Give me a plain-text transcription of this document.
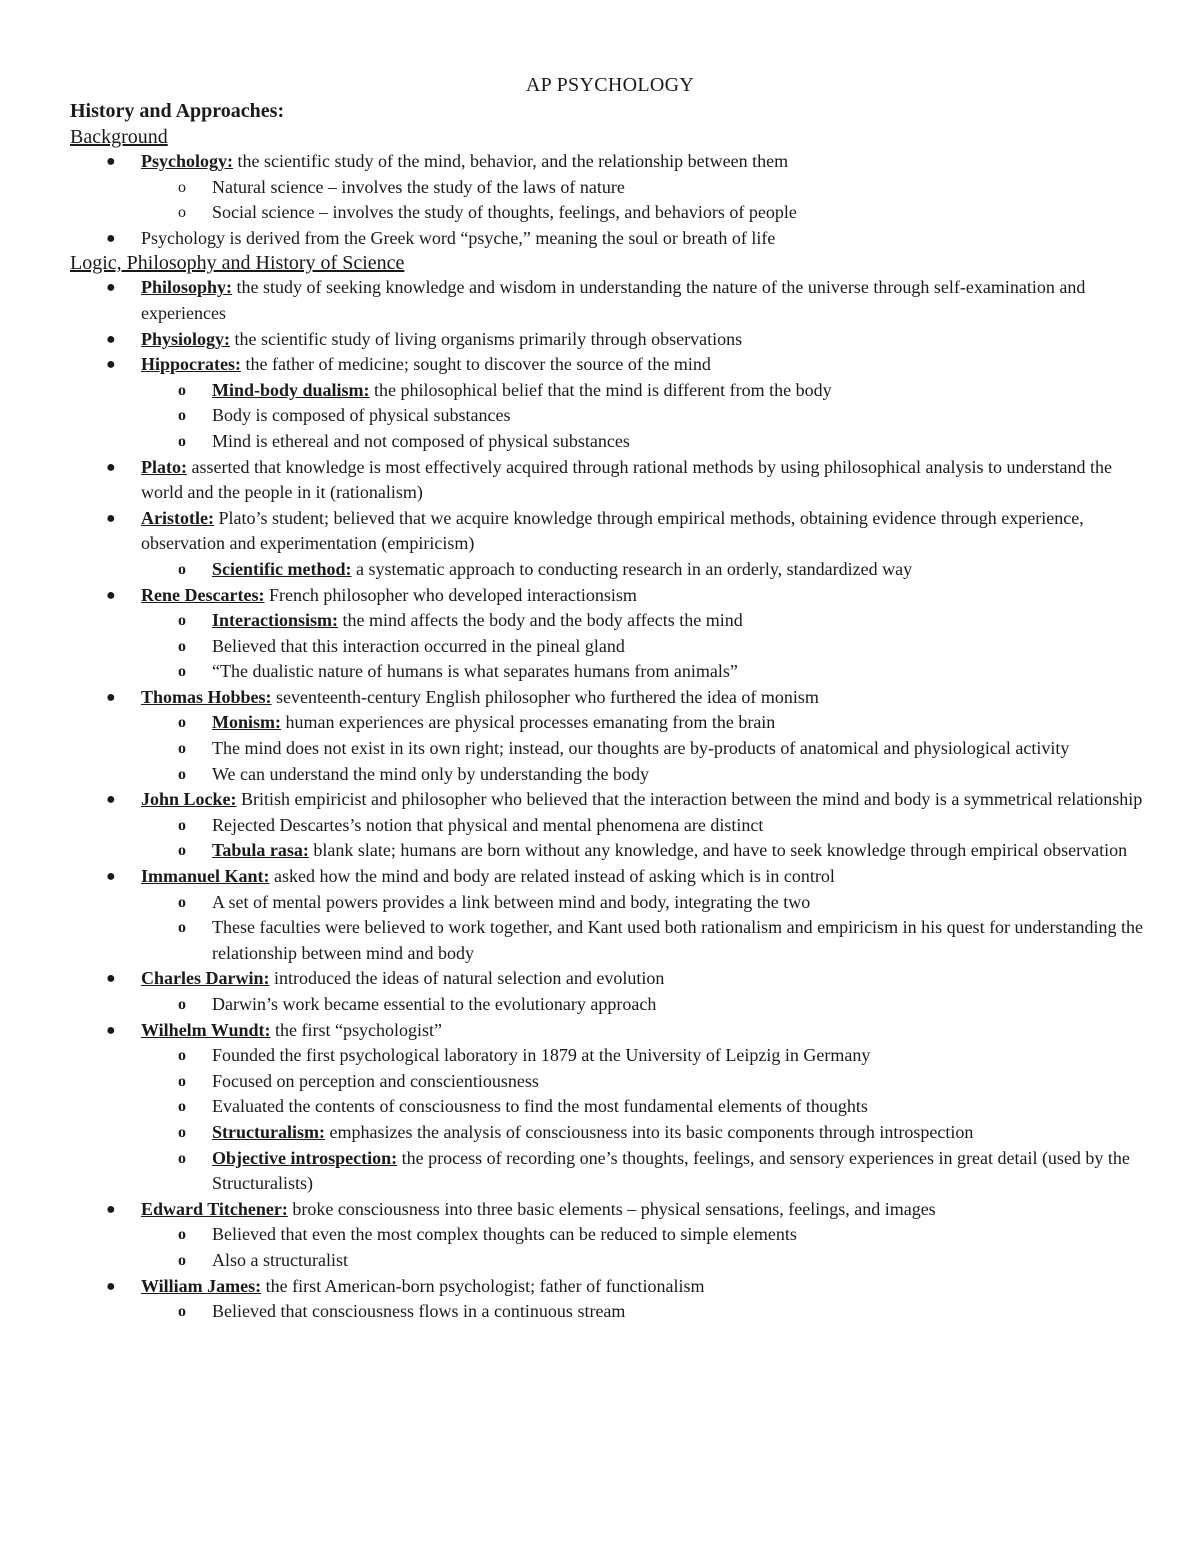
AP PSYCHOLOGY

History and Approaches:

Background

●	Psychology: the scientific study of the mind, behavior, and the relationship between them
o	Natural science – involves the study of the laws of nature
o	Social science – involves the study of thoughts, feelings, and behaviors of people
●	Psychology is derived from the Greek word “psyche,” meaning the soul or breath of life

Logic, Philosophy and History of Science

●	Philosophy: the study of seeking knowledge and wisdom in understanding the nature of the universe through self-examination and experiences
●	Physiology: the scientific study of living organisms primarily through observations
●	Hippocrates: the father of medicine; sought to discover the source of the mind
o	Mind-body dualism: the philosophical belief that the mind is different from the body
o	Body is composed of physical substances
o	Mind is ethereal and not composed of physical substances
●	Plato: asserted that knowledge is most effectively acquired through rational methods by using philosophical analysis to understand the world and the people in it (rationalism)
●	Aristotle: Plato’s student; believed that we acquire knowledge through empirical methods, obtaining evidence through experience, observation and experimentation (empiricism)
o	Scientific method: a systematic approach to conducting research in an orderly, standardized way
●	Rene Descartes: French philosopher who developed interactionsism
o	Interactionsism: the mind affects the body and the body affects the mind
o	Believed that this interaction occurred in the pineal gland
o	“The dualistic nature of humans is what separates humans from animals”
●	Thomas Hobbes: seventeenth-century English philosopher who furthered the idea of monism
o	Monism: human experiences are physical processes emanating from the brain
o	The mind does not exist in its own right; instead, our thoughts are by-products of anatomical and physiological activity
o	We can understand the mind only by understanding the body
●	John Locke: British empiricist and philosopher who believed that the interaction between the mind and body is a symmetrical relationship
o	Rejected Descartes’s notion that physical and mental phenomena are distinct
o	Tabula rasa: blank slate; humans are born without any knowledge, and have to seek knowledge through empirical observation
●	Immanuel Kant: asked how the mind and body are related instead of asking which is in control
o	A set of mental powers provides a link between mind and body, integrating the two
o	These faculties were believed to work together, and Kant used both rationalism and empiricism in his quest for understanding the relationship between mind and body
●	Charles Darwin: introduced the ideas of natural selection and evolution
o	Darwin’s work became essential to the evolutionary approach
●	Wilhelm Wundt: the first “psychologist”
o	Founded the first psychological laboratory in 1879 at the University of Leipzig in Germany
o	Focused on perception and conscientiousness
o	Evaluated the contents of consciousness to find the most fundamental elements of thoughts
o	Structuralism: emphasizes the analysis of consciousness into its basic components through introspection
o	Objective introspection: the process of recording one’s thoughts, feelings, and sensory experiences in great detail (used by the Structuralists)
●	Edward Titchener: broke consciousness into three basic elements – physical sensations, feelings, and images
o	Believed that even the most complex thoughts can be reduced to simple elements
o	Also a structuralist
●	William James: the first American-born psychologist; father of functionalism
o	Believed that consciousness flows in a continuous stream
